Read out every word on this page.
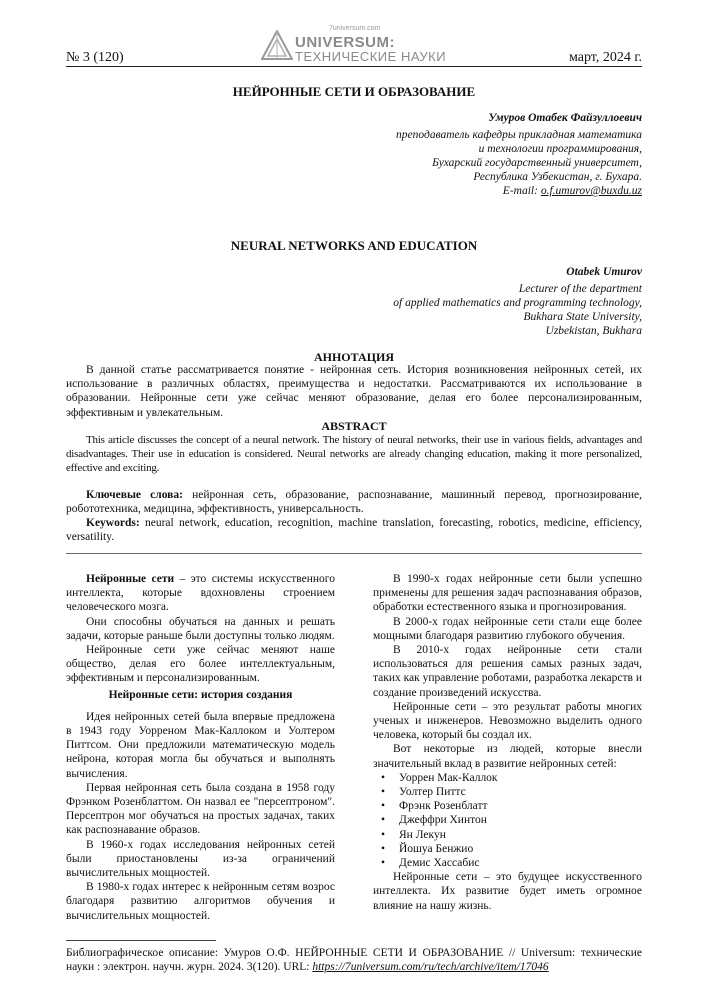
№ 3 (120)
7universum.com
UNIVERSUM:
ТЕХНИЧЕСКИЕ НАУКИ	март, 2024 г.
НЕЙРОННЫЕ СЕТИ И ОБРАЗОВАНИЕ
Умуров Отабек Файзуллоевич
преподаватель кафедры прикладная математика
и технологии программирования,
Бухарский государственный университет,
Республика Узбекистан, г. Бухара.
E-mail: o.f.umurov@buxdu.uz
NEURAL NETWORKS AND EDUCATION
Otabek Umurov
Lecturer of the department
of applied mathematics and programming technology,
Bukhara State University,
Uzbekistan, Bukhara
АННОТАЦИЯ
В данной статье рассматривается понятие - нейронная сеть. История возникновения нейронных сетей, их использование в различных областях, преимущества и недостатки. Рассматриваются их использование в образовании. Нейронные сети уже сейчас меняют образование, делая его более персонализированным, эффективным и увлекательным.
ABSTRACT
This article discusses the concept of a neural network. The history of neural networks, their use in various fields, advantages and disadvantages. Their use in education is considered. Neural networks are already changing education, making it more personalized, effective and exciting.
Ключевые слова: нейронная сеть, образование, распознавание, машинный перевод, прогнозирование, робототехника, медицина, эффективность, универсальность.
Keywords: neural network, education, recognition, machine translation, forecasting, robotics, medicine, efficiency, versatility.

Нейронные сети – это системы искусственного интеллекта, которые вдохновлены строением человеческого мозга.

Они способны обучаться на данных и решать задачи, которые раньше были доступны только людям.

Нейронные сети уже сейчас меняют наше общество, делая его более интеллектуальным, эффективным и персонализированным.

Нейронные сети: история создания

Идея нейронных сетей была впервые предложена в 1943 году Уорреном Мак-Каллоком и Уолтером Питтсом. Они предложили математическую модель нейрона, которая могла бы обучаться и выполнять вычисления.

Первая нейронная сеть была создана в 1958 году Фрэнком Розенблаттом. Он назвал ее "персептроном". Персептрон мог обучаться на простых задачах, таких как распознавание образов.

В 1960-х годах исследования нейронных сетей были приостановлены из-за ограничений вычислительных мощностей.

В 1980-х годах интерес к нейронным сетям возрос благодаря развитию алгоритмов обучения и вычислительных мощностей.

В 1990-х годах нейронные сети были успешно применены для решения задач распознавания образов, обработки естественного языка и прогнозирования.

В 2000-х годах нейронные сети стали еще более мощными благодаря развитию глубокого обучения.

В 2010-х годах нейронные сети стали использоваться для решения самых разных задач, таких как управление роботами, разработка лекарств и создание произведений искусства.

Нейронные сети – это результат работы многих ученых и инженеров. Невозможно выделить одного человека, который бы создал их.

Вот некоторые из людей, которые внесли значительный вклад в развитие нейронных сетей:

• Уоррен Мак-Каллок
• Уолтер Питтс
• Фрэнк Розенблатт
• Джеффри Хинтон
• Ян Лекун
• Йошуа Бенжио
• Демис Хассабис

Нейронные сети – это будущее искусственного интеллекта. Их развитие будет иметь огромное влияние на нашу жизнь.

Библиографическое описание: Умуров О.Ф. НЕЙРОННЫЕ СЕТИ И ОБРАЗОВАНИЕ // Universum: технические науки : электрон. научн. журн. 2024. 3(120). URL: https://7universum.com/ru/tech/archive/item/17046
